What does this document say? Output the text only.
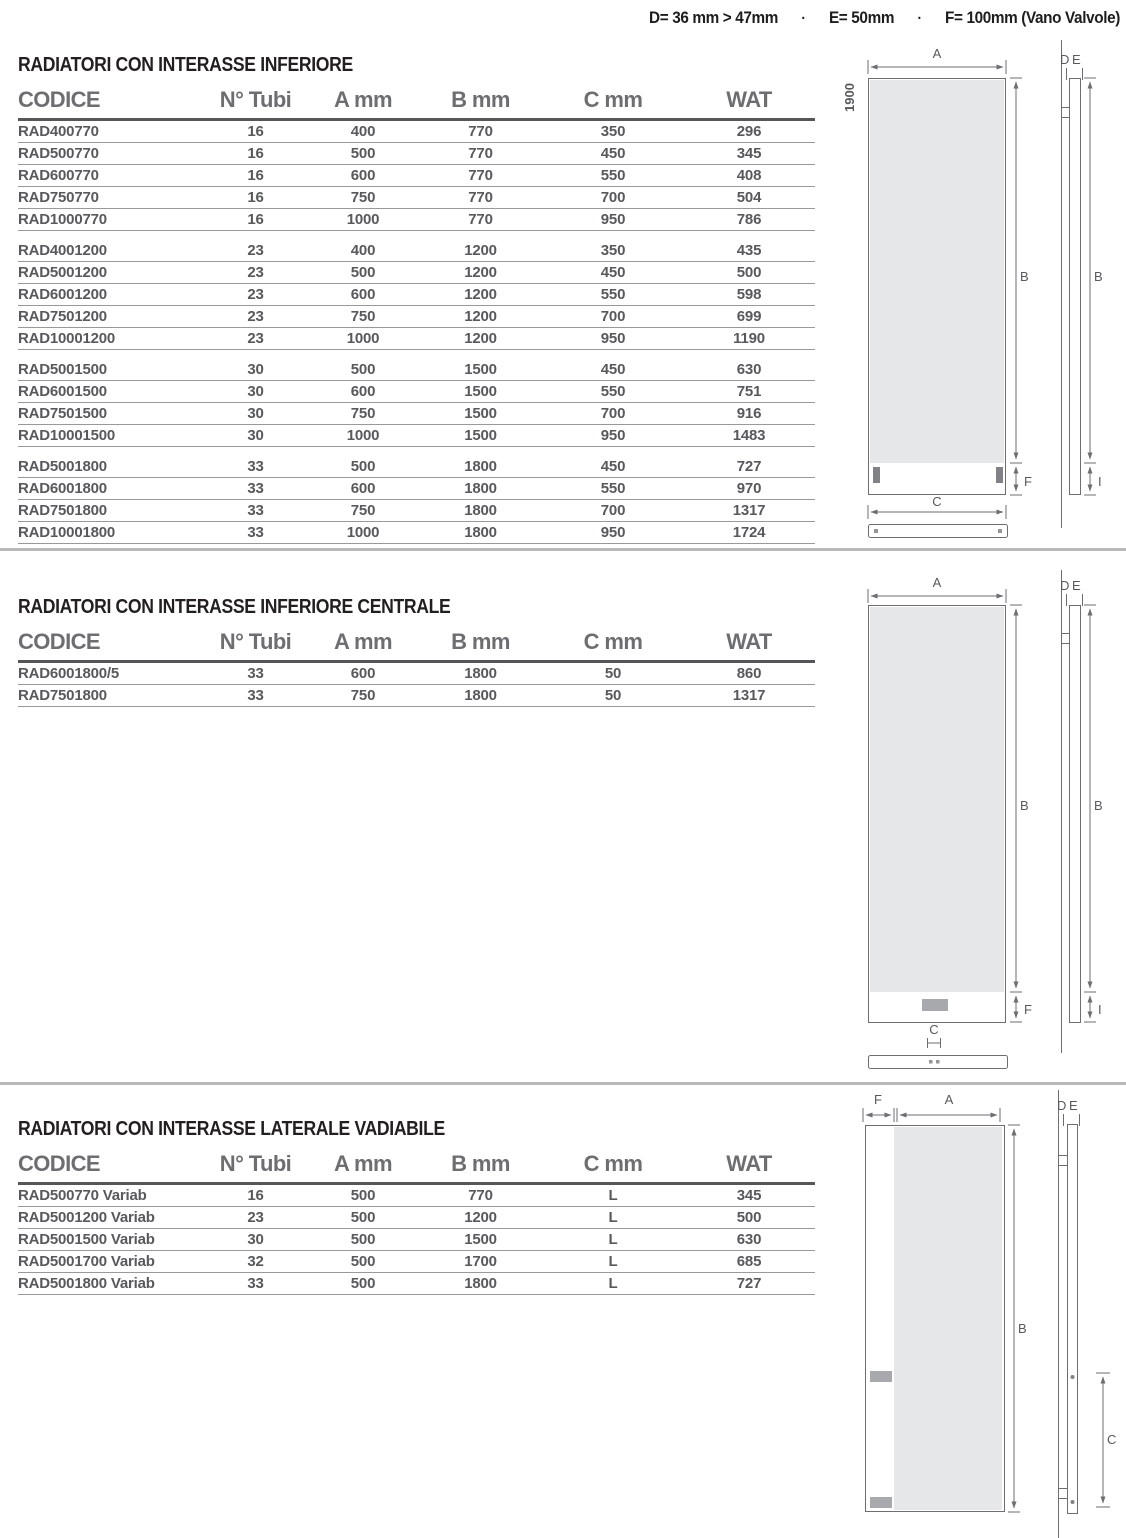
D= 36 mm > 47mm · E= 50mm · F= 100mm (Vano Valvole)
RADIATORI CON INTERASSE INFERIORE
CODICE	N° Tubi	A mm	B mm	C mm	WAT
RAD400770	16	400	770	350	296
RAD500770	16	500	770	450	345
RAD600770	16	600	770	550	408
RAD750770	16	750	770	700	504
RAD1000770	16	1000	770	950	786
RAD4001200	23	400	1200	350	435
RAD5001200	23	500	1200	450	500
RAD6001200	23	600	1200	550	598
RAD7501200	23	750	1200	700	699
RAD10001200	23	1000	1200	950	1190
RAD5001500	30	500	1500	450	630
RAD6001500	30	600	1500	550	751
RAD7501500	30	750	1500	700	916
RAD10001500	30	1000	1500	950	1483
RAD5001800	33	500	1800	450	727
RAD6001800	33	600	1800	550	970
RAD7501800	33	750	1800	700	1317
RAD10001800	33	1000	1800	950	1724
A
1900
B
F
C
D E
B
I
RADIATORI CON INTERASSE INFERIORE CENTRALE
CODICE	N° Tubi	A mm	B mm	C mm	WAT
RAD6001800/5	33	600	1800	50	860
RAD7501800	33	750	1800	50	1317
A
B
F
C
D E
B
I
RADIATORI CON INTERASSE LATERALE VADIABILE
CODICE	N° Tubi	A mm	B mm	C mm	WAT
RAD500770 Variab	16	500	770	L	345
RAD5001200 Variab	23	500	1200	L	500
RAD5001500 Variab	30	500	1500	L	630
RAD5001700 Variab	32	500	1700	L	685
RAD5001800 Variab	33	500	1800	L	727
F	A
B
D E
C
